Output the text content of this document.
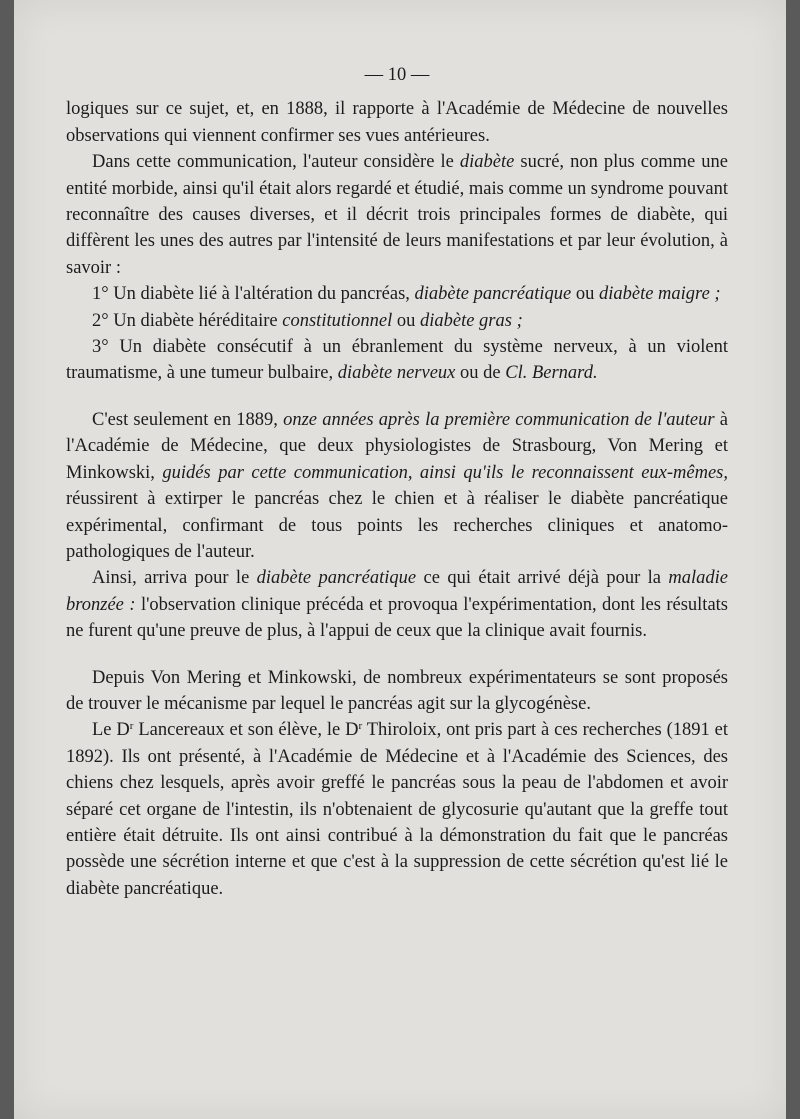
— 10 —

logiques sur ce sujet, et, en 1888, il rapporte à l'Académie de Médecine de nouvelles observations qui viennent confirmer ses vues antérieures.

Dans cette communication, l'auteur considère le diabète sucré, non plus comme une entité morbide, ainsi qu'il était alors regardé et étudié, mais comme un syndrome pouvant reconnaître des causes diverses, et il décrit trois principales formes de diabète, qui diffèrent les unes des autres par l'intensité de leurs manifestations et par leur évolution, à savoir :

1° Un diabète lié à l'altération du pancréas, diabète pancréatique ou diabète maigre ;

2° Un diabète héréditaire constitutionnel ou diabète gras ;

3° Un diabète consécutif à un ébranlement du système nerveux, à un violent traumatisme, à une tumeur bulbaire, diabète nerveux ou de Cl. Bernard.

C'est seulement en 1889, onze années après la première communication de l'auteur à l'Académie de Médecine, que deux physiologistes de Strasbourg, Von Mering et Minkowski, guidés par cette communication, ainsi qu'ils le reconnaissent eux-mêmes, réussirent à extirper le pancréas chez le chien et à réaliser le diabète pancréatique expérimental, confirmant de tous points les recherches cliniques et anatomo-pathologiques de l'auteur.

Ainsi, arriva pour le diabète pancréatique ce qui était arrivé déjà pour la maladie bronzée : l'observation clinique précéda et provoqua l'expérimentation, dont les résultats ne furent qu'une preuve de plus, à l'appui de ceux que la clinique avait fournis.

Depuis Von Mering et Minkowski, de nombreux expérimentateurs se sont proposés de trouver le mécanisme par lequel le pancréas agit sur la glycogénèse.

Le $D^r$ Lancereaux et son élève, le $D^r$ Thiroloix, ont pris part à ces recherches (1891 et 1892). Ils ont présenté, à l'Académie de Médecine et à l'Académie des Sciences, des chiens chez lesquels, après avoir greffé le pancréas sous la peau de l'abdomen et avoir séparé cet organe de l'intestin, ils n'obtenaient de glycosurie qu'autant que la greffe tout entière était détruite. Ils ont ainsi contribué à la démonstration du fait que le pancréas possède une sécrétion interne et que c'est à la suppression de cette sécrétion qu'est lié le diabète pancréatique.
